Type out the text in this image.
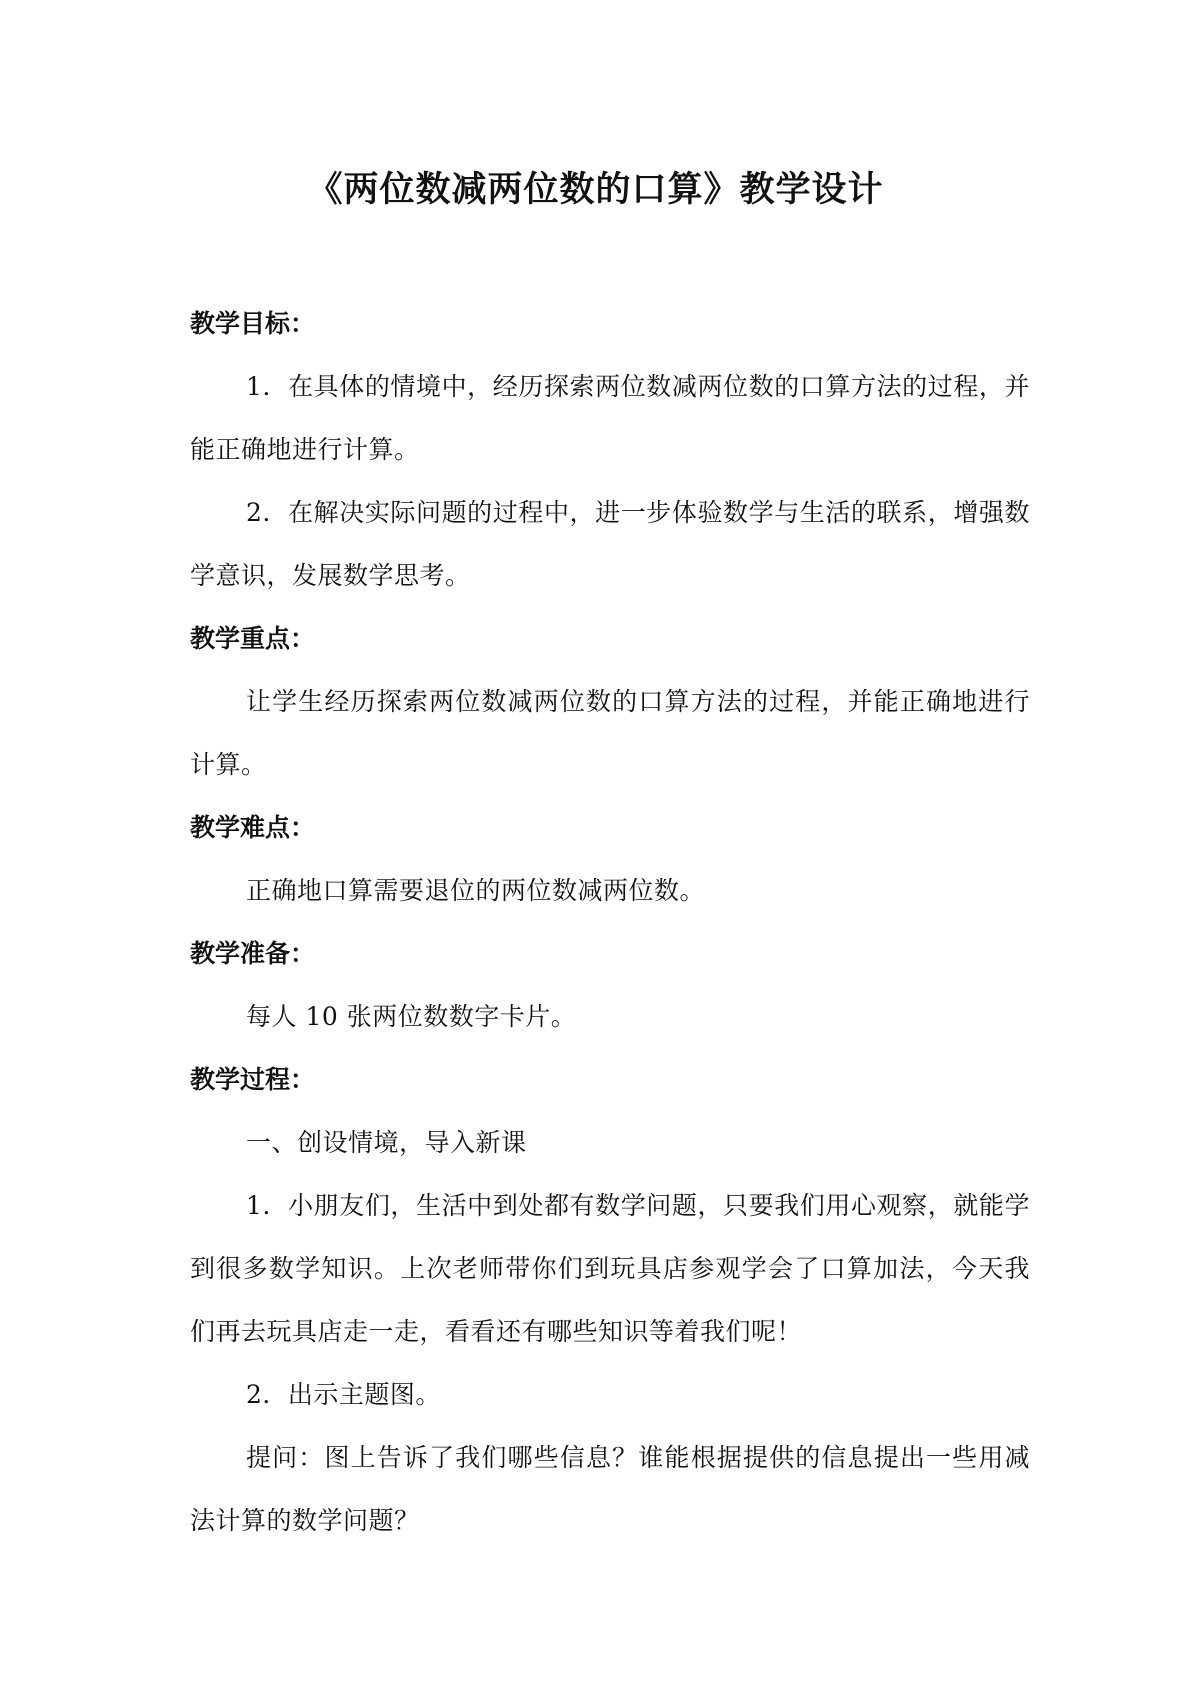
《两位数减两位数的口算》教学设计

教学目标：

1．在具体的情境中，经历探索两位数减两位数的口算方法的过程，并能正确地进行计算。

2．在解决实际问题的过程中，进一步体验数学与生活的联系，增强数学意识，发展数学思考。

教学重点：

让学生经历探索两位数减两位数的口算方法的过程，并能正确地进行计算。

教学难点：

正确地口算需要退位的两位数减两位数。

教学准备：

每人 10 张两位数数字卡片。

教学过程：

一、创设情境，导入新课

1．小朋友们，生活中到处都有数学问题，只要我们用心观察，就能学到很多数学知识。上次老师带你们到玩具店参观学会了口算加法，今天我们再去玩具店走一走，看看还有哪些知识等着我们呢！

2．出示主题图。

提问：图上告诉了我们哪些信息？谁能根据提供的信息提出一些用减法计算的数学问题？
